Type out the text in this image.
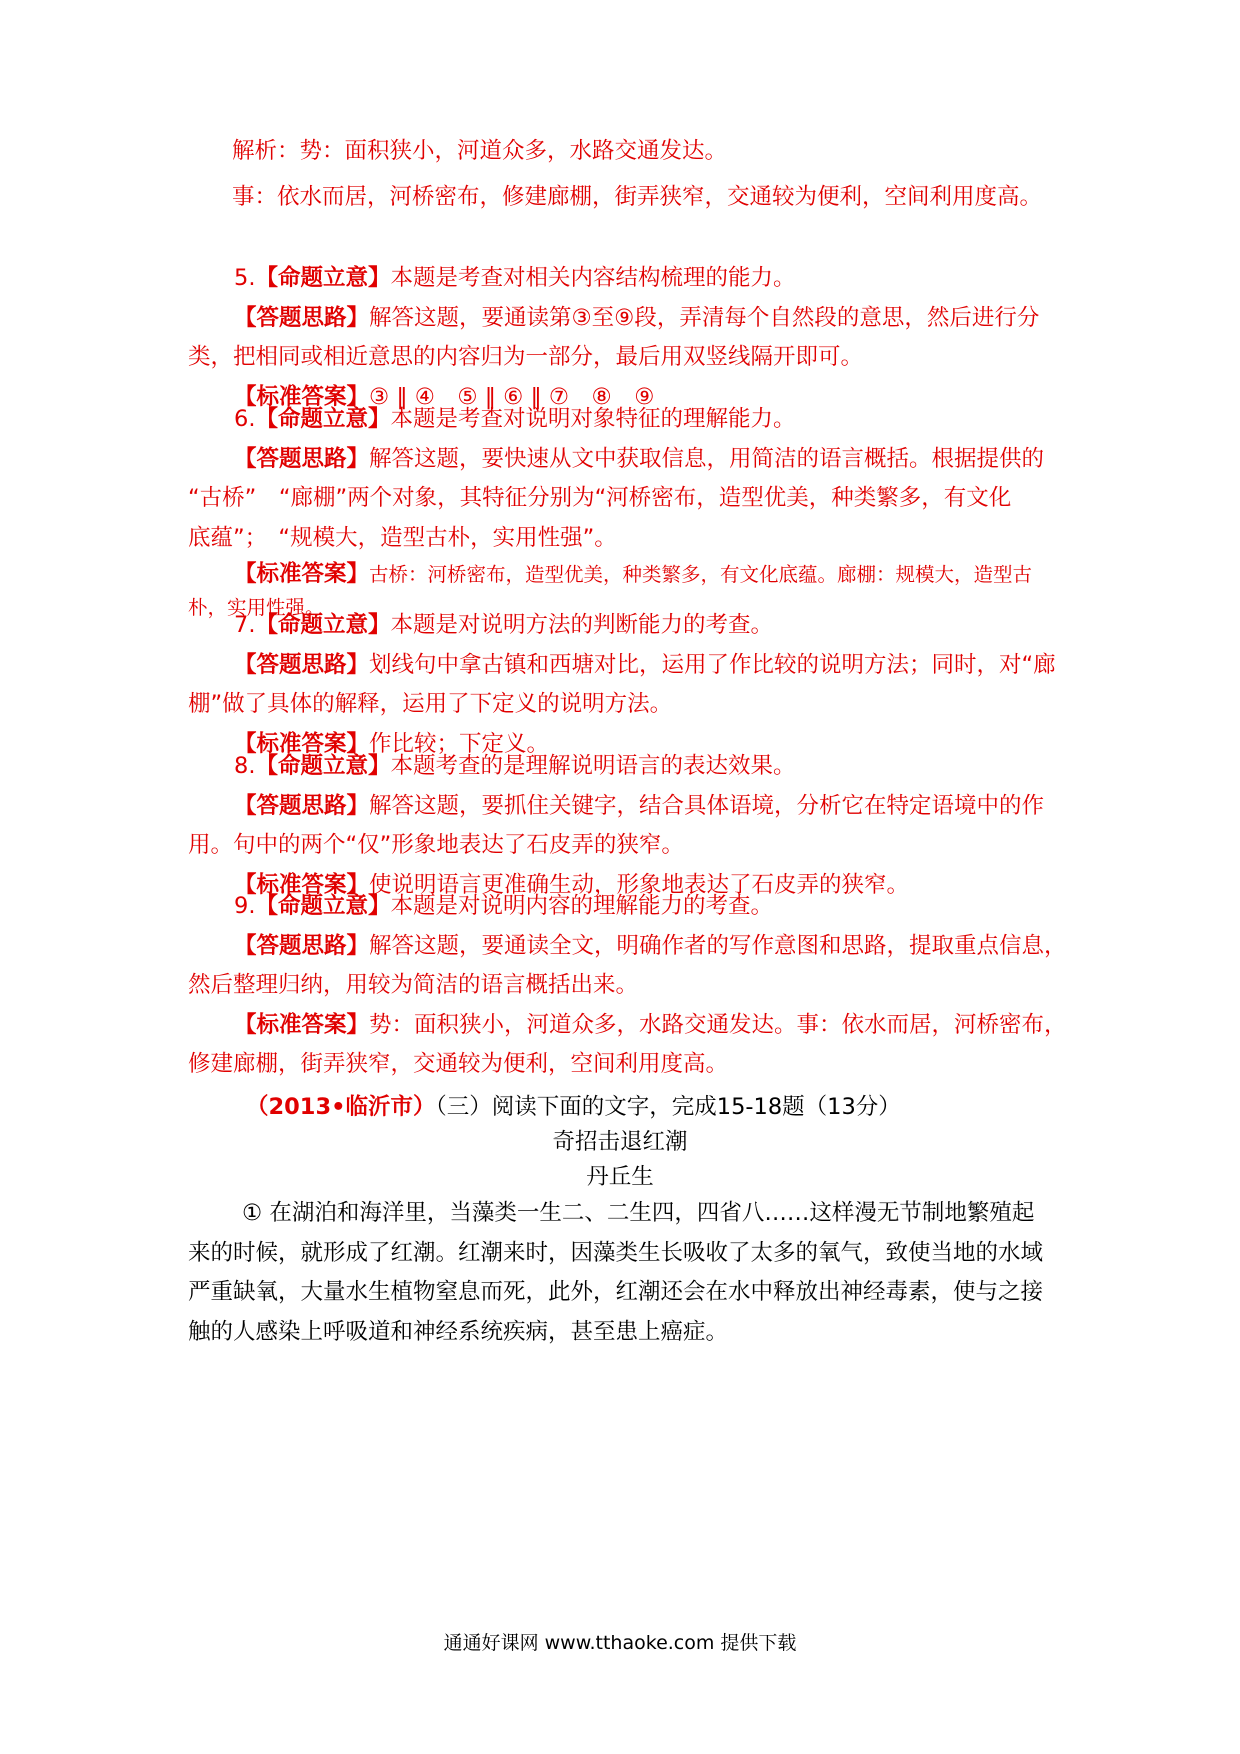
解析：势：面积狭小，河道众多，水路交通发达。

事：依水而居，河桥密布，修建廊棚，街弄狭窄，交通较为便利，空间利用度高。

5.【命题立意】本题是考查对相关内容结构梳理的能力。
【答题思路】解答这题，要通读第③至⑨段，弄清每个自然段的意思，然后进行分
类，把相同或相近意思的内容归为一部分，最后用双竖线隔开即可。
【标准答案】③ ‖ ④　⑤ ‖ ⑥ ‖ ⑦　⑧　⑨
6.【命题立意】本题是考查对说明对象特征的理解能力。
【答题思路】解答这题，要快速从文中获取信息，用简洁的语言概括。根据提供的
“古桥”　“廊棚”两个对象，其特征分别为“河桥密布，造型优美，种类繁多，有文化
底蕴”；　“规模大，造型古朴，实用性强”。
【标准答案】古桥：河桥密布，造型优美，种类繁多，有文化底蕴。廊棚：规模大，造型古
朴，实用性强。
7.【命题立意】本题是对说明方法的判断能力的考查。
【答题思路】划线句中拿古镇和西塘对比，运用了作比较的说明方法；同时，对“廊
棚”做了具体的解释，运用了下定义的说明方法。
【标准答案】作比较；下定义。
8.【命题立意】本题考查的是理解说明语言的表达效果。
【答题思路】解答这题，要抓住关键字，结合具体语境，分析它在特定语境中的作
用。句中的两个“仅”形象地表达了石皮弄的狭窄。
【标准答案】使说明语言更准确生动，形象地表达了石皮弄的狭窄。
9.【命题立意】本题是对说明内容的理解能力的考查。
【答题思路】解答这题，要通读全文，明确作者的写作意图和思路，提取重点信息，
然后整理归纳，用较为简洁的语言概括出来。
【标准答案】势：面积狭小，河道众多，水路交通发达。事：依水而居，河桥密布，
修建廊棚，街弄狭窄，交通较为便利，空间利用度高。

（2013•临沂市）（三）阅读下面的文字，完成15-18题（13分）

奇招击退红潮
丹丘生
① 在湖泊和海洋里，当藻类一生二、二生四，四省八……这样漫无节制地繁殖起
来的时候，就形成了红潮。红潮来时，因藻类生长吸收了太多的氧气，致使当地的水域
严重缺氧，大量水生植物窒息而死，此外，红潮还会在水中释放出神经毒素，使与之接
触的人感染上呼吸道和神经系统疾病，甚至患上癌症。
通通好课网 www.tthaoke.com 提供下载
